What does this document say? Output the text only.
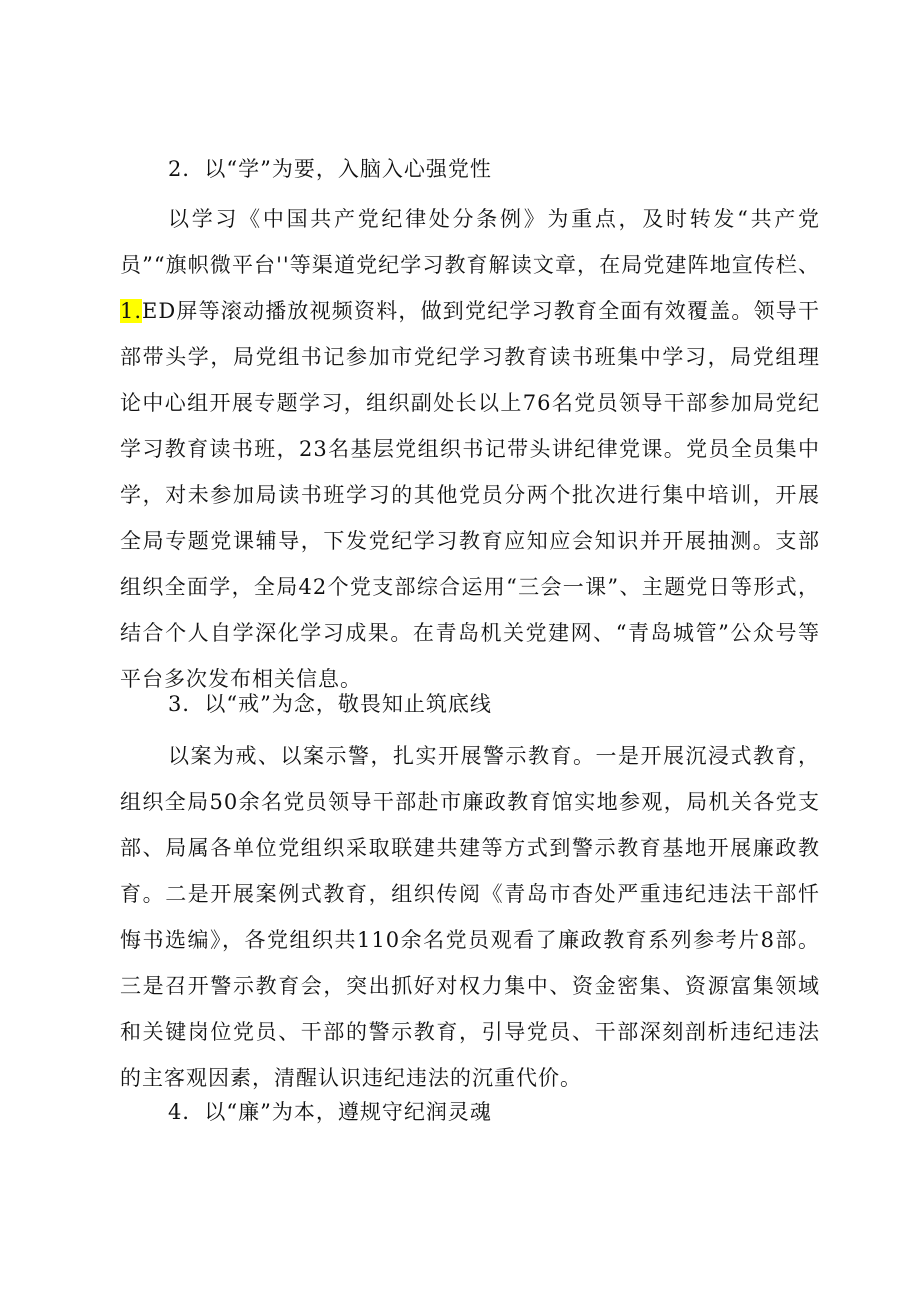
2．以“学”为要，入脑入心强党性
以学习《中国共产党纪律处分条例》为重点，及时转发“共产党员”“旗帜微平台''等渠道党纪学习教育解读文章，在局党建阵地宣传栏、1.ED屏等滚动播放视频资料，做到党纪学习教育全面有效覆盖。领导干部带头学，局党组书记参加市党纪学习教育读书班集中学习，局党组理论中心组开展专题学习，组织副处长以上76名党员领导干部参加局党纪学习教育读书班，23名基层党组织书记带头讲纪律党课。党员全员集中学，对未参加局读书班学习的其他党员分两个批次进行集中培训，开展全局专题党课辅导，下发党纪学习教育应知应会知识并开展抽测。支部组织全面学，全局42个党支部综合运用“三会一课”、主题党日等形式，结合个人自学深化学习成果。在青岛机关党建网、“青岛城管”公众号等平台多次发布相关信息。
3．以“戒”为念，敬畏知止筑底线
以案为戒、以案示警，扎实开展警示教育。一是开展沉浸式教育，组织全局50余名党员领导干部赴市廉政教育馆实地参观，局机关各党支部、局属各单位党组织采取联建共建等方式到警示教育基地开展廉政教育。二是开展案例式教育，组织传阅《青岛市杳处严重违纪违法干部忏悔书选编》，各党组织共110余名党员观看了廉政教育系列参考片8部。三是召开警示教育会，突出抓好对权力集中、资金密集、资源富集领域和关键岗位党员、干部的警示教育，引导党员、干部深刻剖析违纪违法的主客观因素，清醒认识违纪违法的沉重代价。
4．以“廉”为本，遵规守纪润灵魂
